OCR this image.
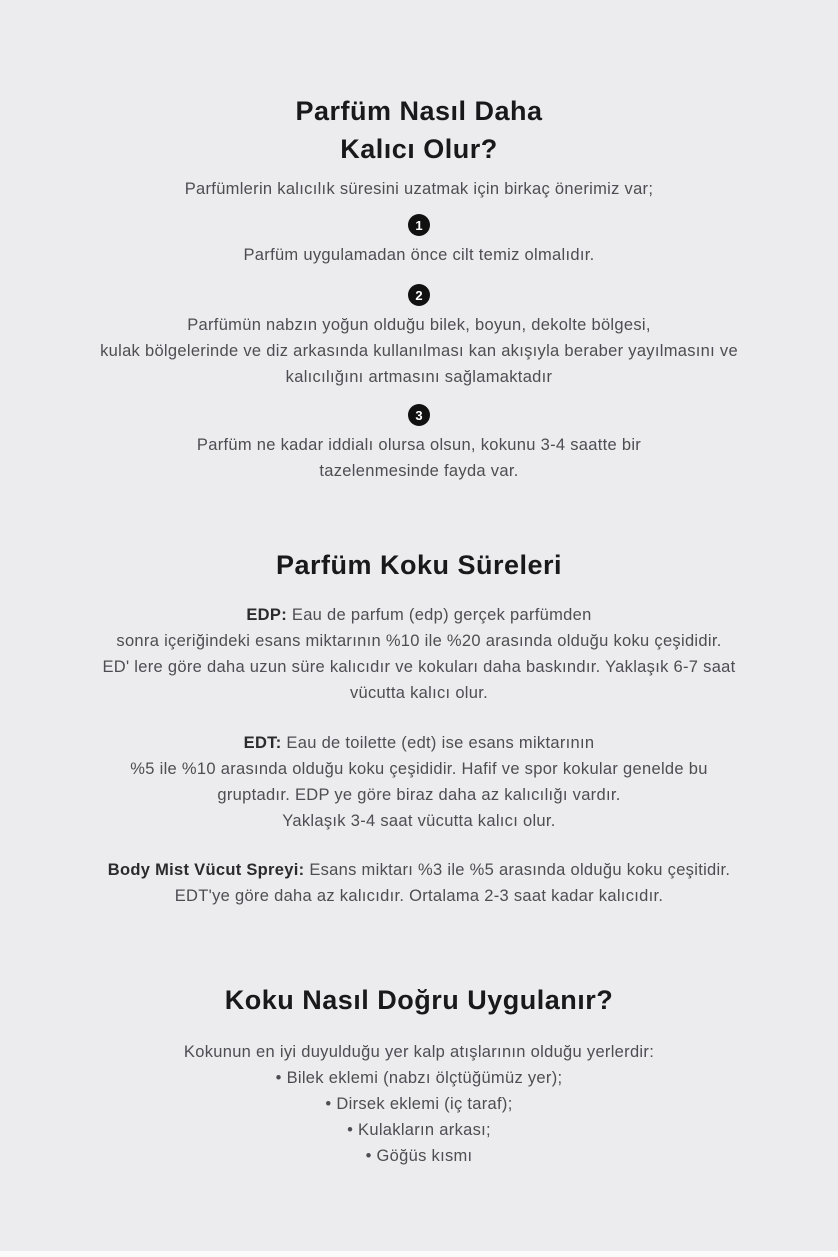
Parfüm Nasıl Daha
Kalıcı Olur?
Parfümlerin kalıcılık süresini uzatmak için birkaç önerimiz var;
1
Parfüm uygulamadan önce cilt temiz olmalıdır.
2
Parfümün nabzın yoğun olduğu bilek, boyun, dekolte bölgesi,
kulak bölgelerinde ve diz arkasında kullanılması kan akışıyla beraber yayılmasını ve
kalıcılığını artmasını sağlamaktadır
3
Parfüm ne kadar iddialı olursa olsun, kokunu 3-4 saatte bir
tazelenmesinde fayda var.
Parfüm Koku Süreleri
EDP: Eau de parfum (edp) gerçek parfümden
sonra içeriğindeki esans miktarının %10 ile %20 arasında olduğu koku çeşididir.
ED' lere göre daha uzun süre kalıcıdır ve kokuları daha baskındır. Yaklaşık 6-7 saat
vücutta kalıcı olur.
EDT: Eau de toilette (edt) ise esans miktarının
%5 ile %10 arasında olduğu koku çeşididir. Hafif ve spor kokular genelde bu
gruptadır. EDP ye göre biraz daha az kalıcılığı vardır.
Yaklaşık 3-4 saat vücutta kalıcı olur.
Body Mist Vücut Spreyi: Esans miktarı %3 ile %5 arasında olduğu koku çeşitidir.
EDT'ye göre daha az kalıcıdır. Ortalama 2-3 saat kadar kalıcıdır.
Koku Nasıl Doğru Uygulanır?
Kokunun en iyi duyulduğu yer kalp atışlarının olduğu yerlerdir:
• Bilek eklemi (nabzı ölçtüğümüz yer);
• Dirsek eklemi (iç taraf);
• Kulakların arkası;
• Göğüs kısmı
